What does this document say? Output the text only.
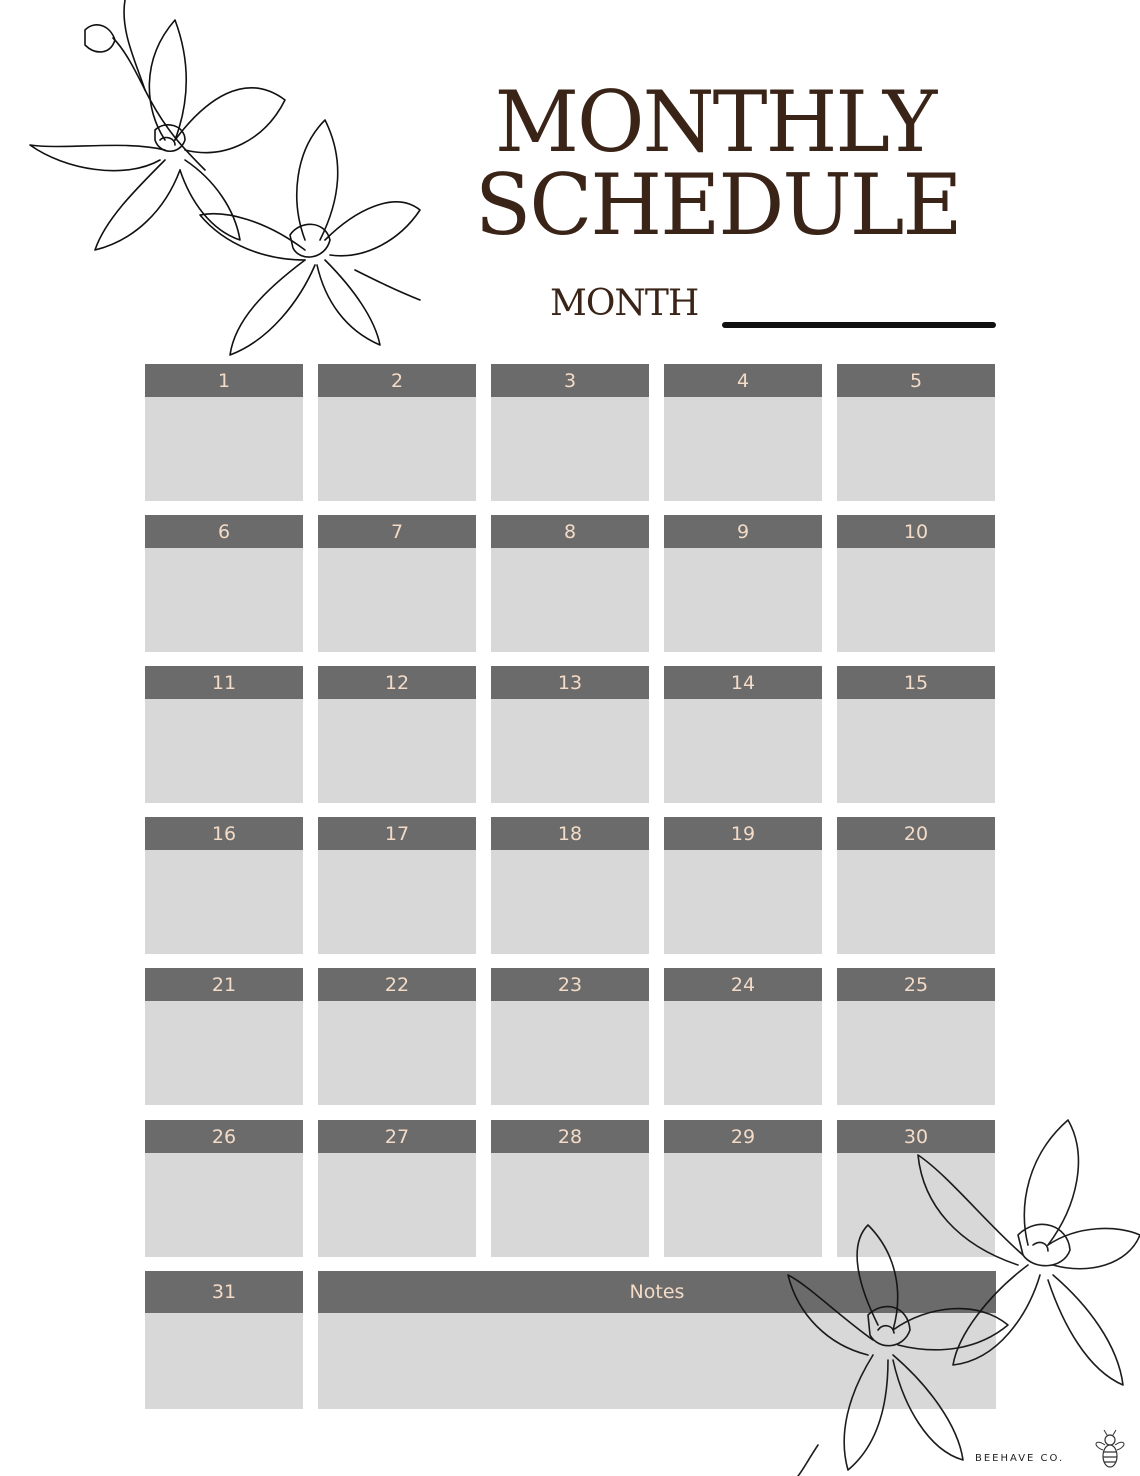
MONTHLY
SCHEDULE
MONTH
1	2	3	4	5
6	7	8	9	10
11	12	13	14	15
16	17	18	19	20
21	22	23	24	25
26	27	28	29	30
31	Notes
BEEHAVE CO.
